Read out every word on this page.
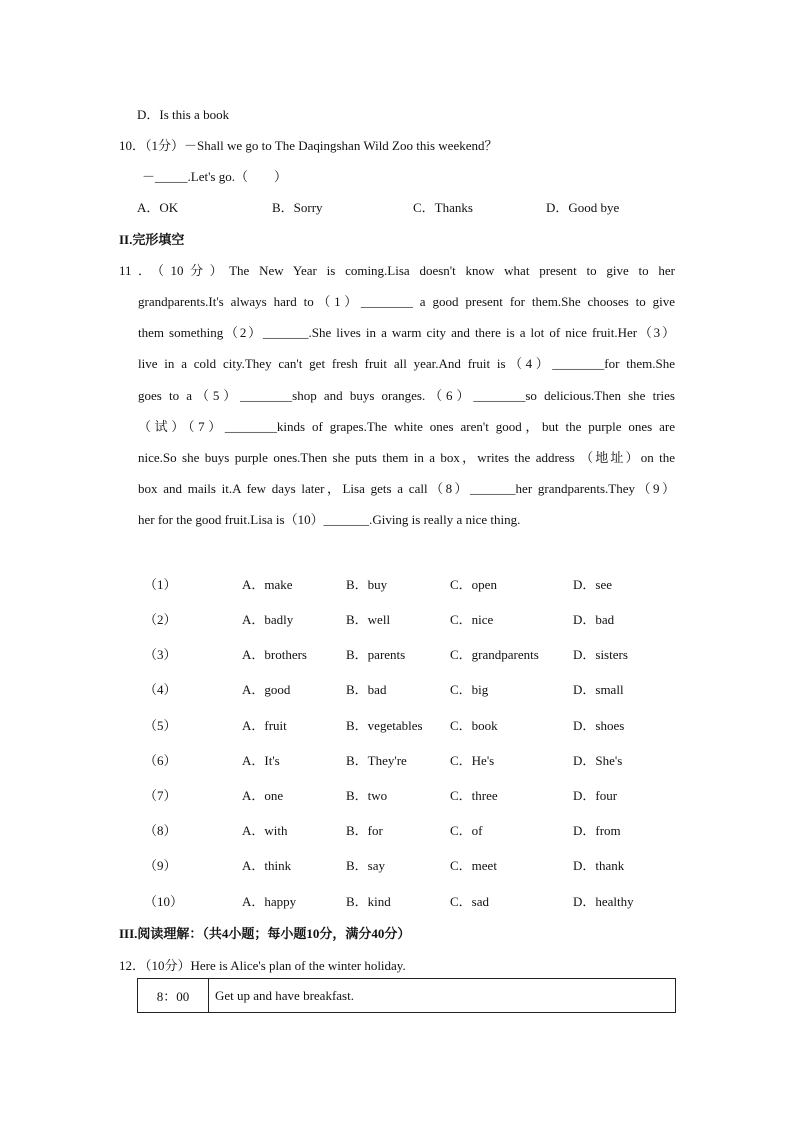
D．Is this a book
10．（1分）－Shall we go to The Daqingshan Wild Zoo this weekend？
－_____.Let's go.（　　）
A．OK	B．Sorry	C．Thanks	D．Good bye
II.完形填空
11．（10分）The New Year is coming.Lisa doesn't know what present to give to her
grandparents.It's always hard to（1）________ a good present for them.She chooses to give
them something（2）_______.She lives in a warm city and there is a lot of nice fruit.Her（3）
live in a cold city.They can't get fresh fruit all year.And fruit is（4）________for them.She
goes to a（5）________shop and buys oranges.（6）________so delicious.Then she tries
（试）（7）________kinds of grapes.The white ones aren't good，but the purple ones are
nice.So she buys purple ones.Then she puts them in a box，writes the address （地址）on the
box and mails it.A few days later，Lisa gets a call（8）_______her grandparents.They（9）
her for the good fruit.Lisa is（10）_______.Giving is really a nice thing.
（1）	A．make	B．buy	C．open	D．see
（2）	A．badly	B．well	C．nice	D．bad
（3）	A．brothers	B．parents	C．grandparents	D．sisters
（4）	A．good	B．bad	C．big	D．small
（5）	A．fruit	B．vegetables C．book	D．shoes
（6）	A．It's	B．They're	C．He's	D．She's
（7）	A．one	B．two	C．three	D．four
（8）	A．with	B．for	C．of	D．from
（9）	A．think	B．say	C．meet	D．thank
（10）	A．happy	B．kind	C．sad	D．healthy
III.阅读理解：（共4小题；每小题10分，满分40分）
12．（10分）Here is Alice's plan of the winter holiday.
8：00	Get up and have breakfast.
